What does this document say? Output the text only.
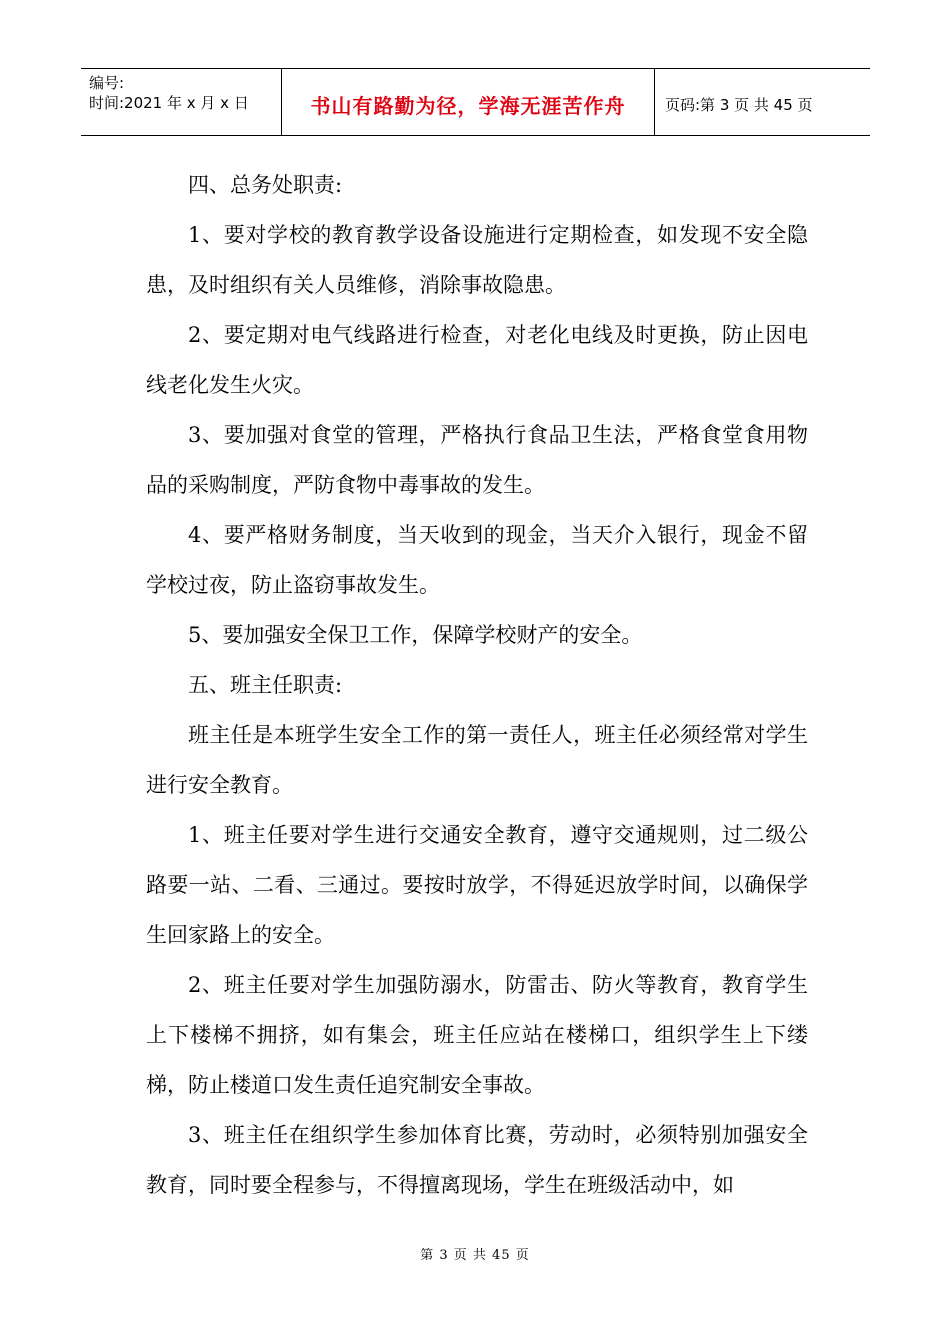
编号:
时间:2021 年 x 月 x 日	书山有路勤为径，学海无涯苦作舟	页码:第 3 页 共 45 页

四、总务处职责:

1、要对学校的教育教学设备设施进行定期检查，如发现不安全隐患，及时组织有关人员维修，消除事故隐患。

2、要定期对电气线路进行检查，对老化电线及时更换，防止因电线老化发生火灾。

3、要加强对食堂的管理，严格执行食品卫生法，严格食堂食用物品的采购制度，严防食物中毒事故的发生。

4、要严格财务制度，当天收到的现金，当天介入银行，现金不留学校过夜，防止盗窃事故发生。

5、要加强安全保卫工作，保障学校财产的安全。

五、班主任职责:

班主任是本班学生安全工作的第一责任人，班主任必须经常对学生进行安全教育。

1、班主任要对学生进行交通安全教育，遵守交通规则，过二级公路要一站、二看、三通过。要按时放学，不得延迟放学时间，以确保学生回家路上的安全。

2、班主任要对学生加强防溺水，防雷击、防火等教育，教育学生上下楼梯不拥挤，如有集会，班主任应站在楼梯口，组织学生上下缕梯，防止楼道口发生责任追究制安全事故。

3、班主任在组织学生参加体育比赛，劳动时，必须特别加强安全教育，同时要全程参与，不得擅离现场，学生在班级活动中，如

第 3 页 共 45 页
